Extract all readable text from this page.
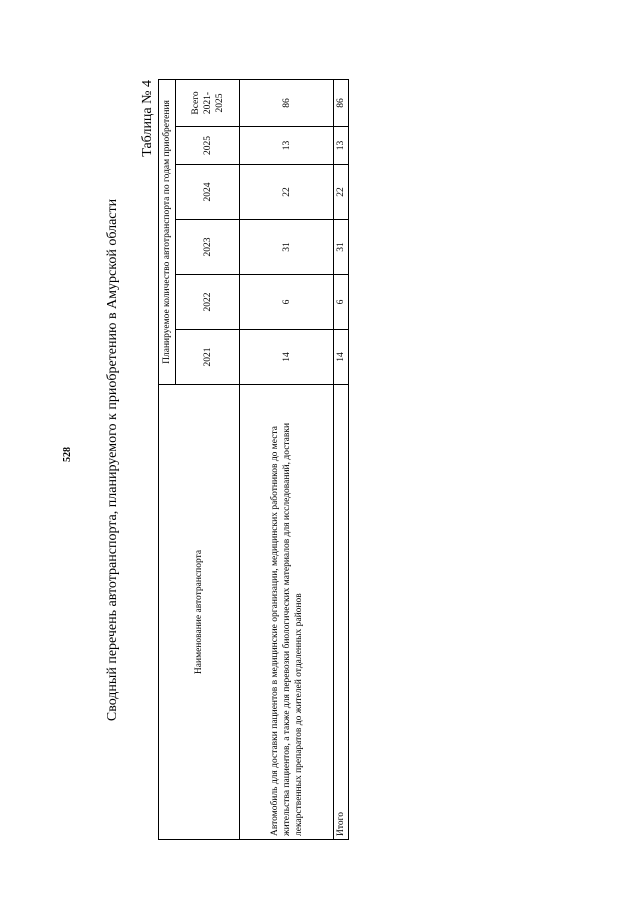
528 Сводный перечень автотранспорта, планируемого к приобретению в Амурской области
Таблица № 4
Наименование автотранспорта	Планируемое количество автотранспорта по годам приобретения					
	2021	2022	2023	2024	2025	Всего 2021-2025
Автомобиль для доставки пациентов в медицинские организации, медицинских работников до места жительства пациентов, а также для перевозки биологических материалов для исследований, доставки лекарственных препаратов до жителей отдаленных районов	14	6	31	22	13	86
Итого	14	6	31	22	13	86
